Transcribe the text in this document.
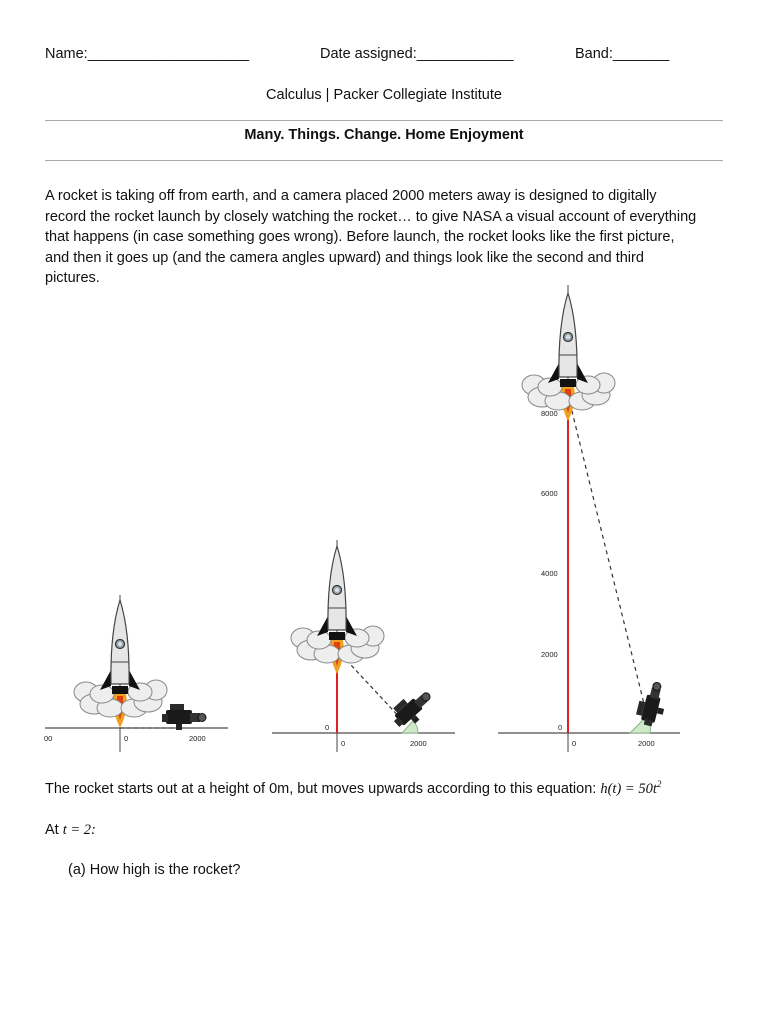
Name:____________________	Date assigned:____________	Band:_______
Calculus | Packer Collegiate Institute
Many. Things. Change. Home Enjoyment
A rocket is taking off from earth, and a camera placed 2000 meters away is designed to digitally
record the rocket launch by closely watching the rocket… to give NASA a visual account of everything
that happens (in case something goes wrong). Before launch, the rocket looks like the first picture,
and then it goes up (and the camera angles upward) and things look like the second and third
pictures.
00	0	2000
0
0	2000
0
2000
4000
6000
8000
0	2000
The rocket starts out at a height of 0m, but moves upwards according to this equation: $h(t) = 50t^2$
At t = 2:
(a) How high is the rocket?
